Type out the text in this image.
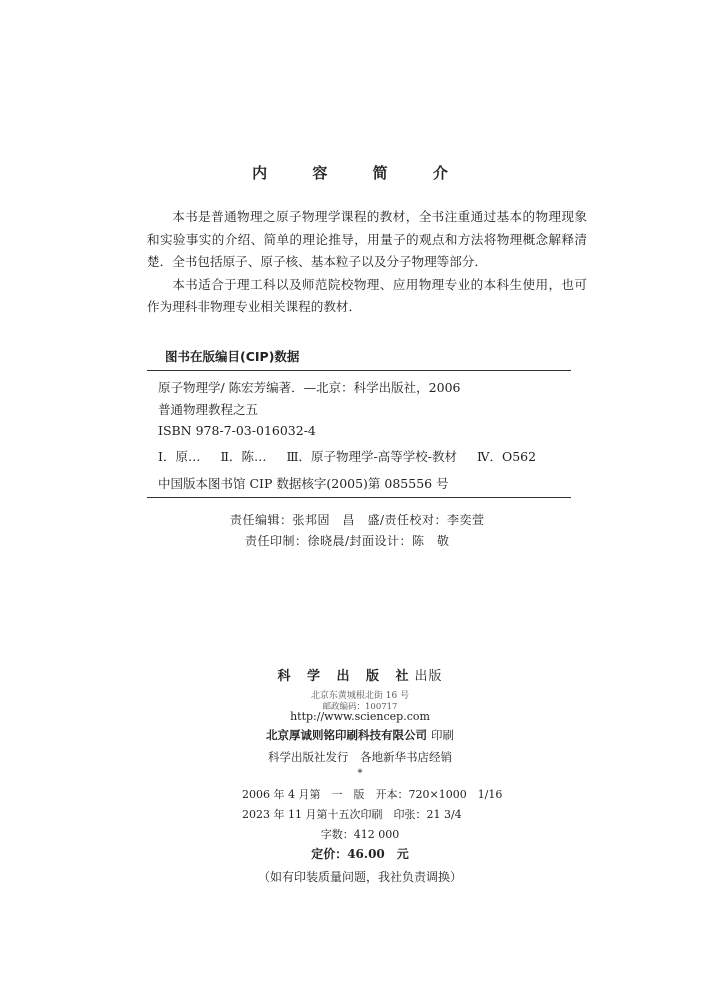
内 容 简 介

本书是普通物理之原子物理学课程的教材，全书注重通过基本的物理现象和实验事实的介绍、简单的理论推导，用量子的观点和方法将物理概念解释清楚．全书包括原子、原子核、基本粒子以及分子物理等部分．

本书适合于理工科以及师范院校物理、应用物理专业的本科生使用，也可作为理科非物理专业相关课程的教材．

图书在版编目(CIP)数据
原子物理学/ 陈宏芳编著．—北京：科学出版社，2006
普通物理教程之五
ISBN 978-7-03-016032-4
Ⅰ．原… Ⅱ．陈… Ⅲ．原子物理学-高等学校-教材 Ⅳ．O562
中国版本图书馆 CIP 数据核字(2005)第 085556 号
责任编辑：张邦固　昌　盛/责任校对：李奕萱
责任印制：徐晓晨/封面设计：陈　敬
科 学 出 版 社出版
北京东黄城根北街 16 号
邮政编码：100717
http://www.sciencep.com
北京厚诚则铭印刷科技有限公司 印刷
科学出版社发行　各地新华书店经销
*
2006 年 4 月第　一　版　开本：720×1000　1/16
2023 年 11 月第十五次印刷　印张：21 3/4
字数：412 000
定价：46.00　元
（如有印装质量问题，我社负责调换）
